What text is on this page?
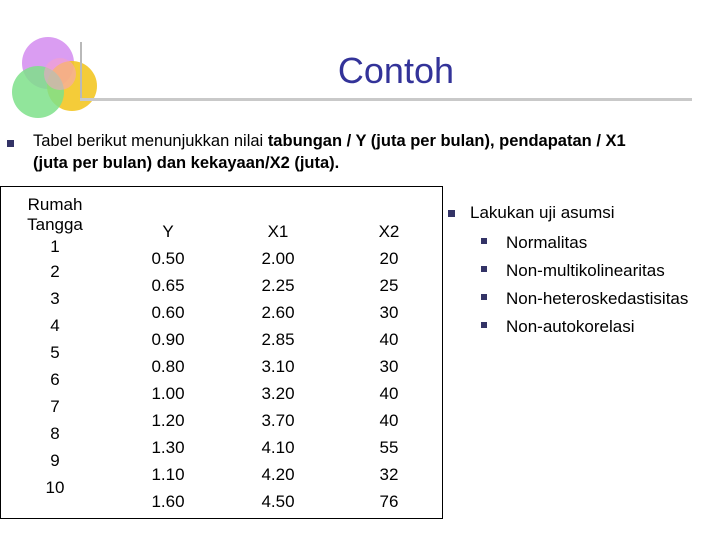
Contoh
Tabel berikut menunjukkan nilai tabungan / Y (juta per bulan), pendapatan / X1 (juta per bulan) dan kekayaan/X2 (juta).
Rumah Tangga
1
2
3
4
5
6
7
8
9
10
Y
0.50
0.65
0.60
0.90
0.80
1.00
1.20
1.30
1.10
1.60
X1
2.00
2.25
2.60
2.85
3.10
3.20
3.70
4.10
4.20
4.50
X2
20
25
30
40
30
40
40
55
32
76
Lakukan uji asumsi
Normalitas
Non-multikolinearitas
Non-heteroskedastisitas
Non-autokorelasi
